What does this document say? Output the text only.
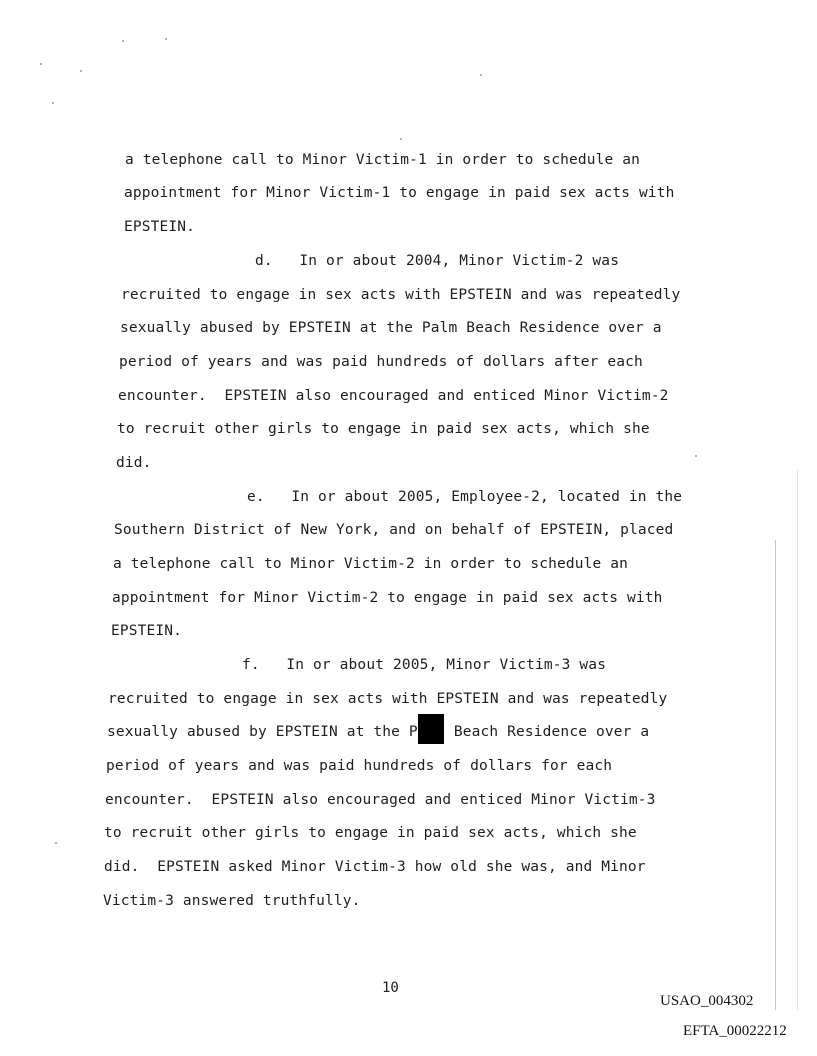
a telephone call to Minor Victim-1 in order to schedule an
appointment for Minor Victim-1 to engage in paid sex acts with
EPSTEIN.
d.   In or about 2004, Minor Victim-2 was
recruited to engage in sex acts with EPSTEIN and was repeatedly
sexually abused by EPSTEIN at the Palm Beach Residence over a
period of years and was paid hundreds of dollars after each
encounter.  EPSTEIN also encouraged and enticed Minor Victim-2
to recruit other girls to engage in paid sex acts, which she
did.
e.   In or about 2005, Employee-2, located in the
Southern District of New York, and on behalf of EPSTEIN, placed
a telephone call to Minor Victim-2 in order to schedule an
appointment for Minor Victim-2 to engage in paid sex acts with
EPSTEIN.
f.   In or about 2005, Minor Victim-3 was
recruited to engage in sex acts with EPSTEIN and was repeatedly
sexually abused by EPSTEIN at the P Beach Residence over a
period of years and was paid hundreds of dollars for each
encounter.  EPSTEIN also encouraged and enticed Minor Victim-3
to recruit other girls to engage in paid sex acts, which she
did.  EPSTEIN asked Minor Victim-3 how old she was, and Minor
Victim-3 answered truthfully.
10
USAO_004302
EFTA_00022212
